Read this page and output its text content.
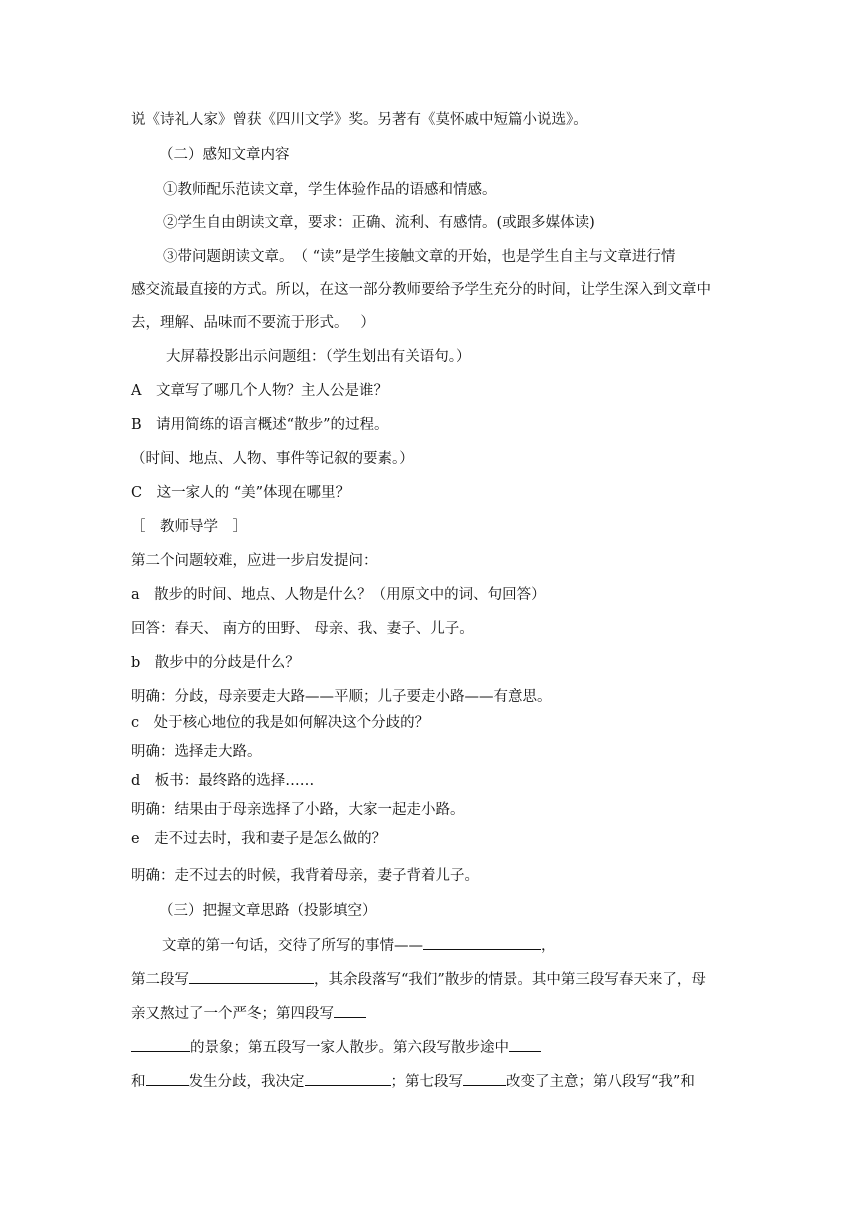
说《诗礼人家》曾获《四川文学》奖。另著有《莫怀戚中短篇小说选》。
（二）感知文章内容
①教师配乐范读文章，学生体验作品的语感和情感。
②学生自由朗读文章，要求：正确、流利、有感情。(或跟多媒体读)
③带问题朗读文章。　（ “读”是学生接触文章的开始，也是学生自主与文章进行情
感交流最直接的方式。所以，在这一部分教师要给予学生充分的时间，让学生深入到文章中
去，理解、品味而不要流于形式。　 ）
大屏幕投影出示问题组：（学生划出有关语句。）
A　文章写了哪几个人物？主人公是谁？
B　请用简练的语言概述“散步”的过程。
（时间、地点、人物、事件等记叙的要素。）
C　这一家人的 “美”体现在哪里？
［　教师导学　］
第二个问题较难，应进一步启发提问：
a　散步的时间、地点、人物是什么？（用原文中的词、句回答）
回答：春天、 南方的田野、 母亲、我、妻子、儿子。
b　散步中的分歧是什么？
明确：分歧，母亲要走大路——平顺；儿子要走小路——有意思。
c　处于核心地位的我是如何解决这个分歧的？
明确：选择走大路。
d　板书：最终路的选择……
明确：结果由于母亲选择了小路，大家一起走小路。
e　走不过去时，我和妻子是怎么做的？
明确：走不过去的时候，我背着母亲，妻子背着儿子。
（三）把握文章思路（投影填空）
文章的第一句话，交待了所写的事情——	，
第二段写	，其余段落写“我们”散步的情景。其中第三段写春天来了，母
亲又熬过了一个严冬；第四段写
的景象；第五段写一家人散步。第六段写散步途中
和	发生分歧，我决定	；第七段写	改变了主意；第八段写“我”和
